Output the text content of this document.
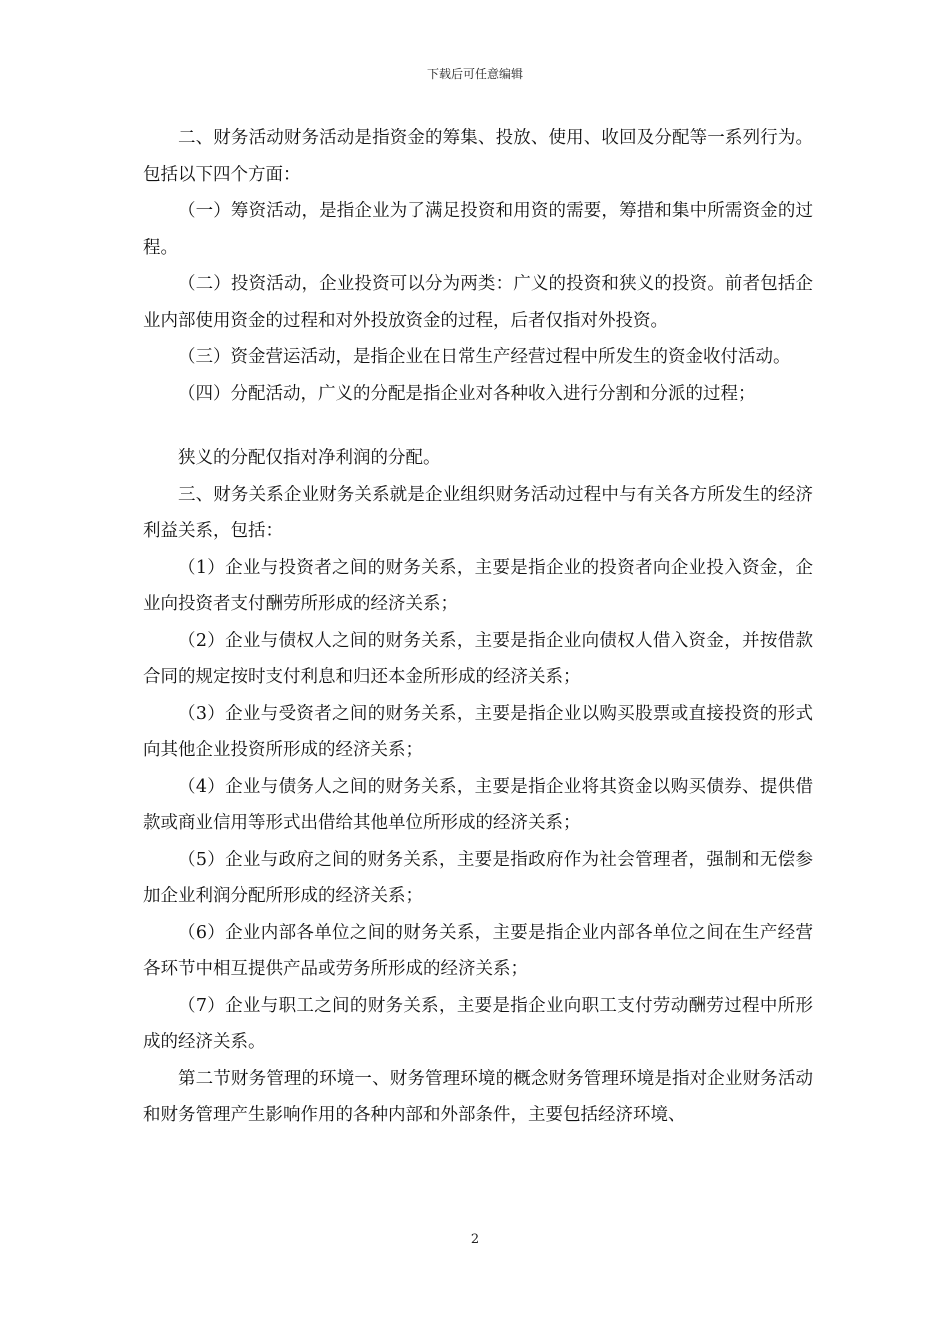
下载后可任意编辑

二、财务活动财务活动是指资金的筹集、投放、使用、收回及分配等一系列行为。包括以下四个方面：

（一）筹资活动，是指企业为了满足投资和用资的需要，筹措和集中所需资金的过程。

（二）投资活动，企业投资可以分为两类：广义的投资和狭义的投资。前者包括企业内部使用资金的过程和对外投放资金的过程，后者仅指对外投资。

（三）资金营运活动，是指企业在日常生产经营过程中所发生的资金收付活动。

（四）分配活动，广义的分配是指企业对各种收入进行分割和分派的过程；

狭义的分配仅指对净利润的分配。

三、财务关系企业财务关系就是企业组织财务活动过程中与有关各方所发生的经济利益关系，包括：

（1）企业与投资者之间的财务关系，主要是指企业的投资者向企业投入资金，企业向投资者支付酬劳所形成的经济关系；

（2）企业与债权人之间的财务关系，主要是指企业向债权人借入资金，并按借款合同的规定按时支付利息和归还本金所形成的经济关系；

（3）企业与受资者之间的财务关系，主要是指企业以购买股票或直接投资的形式向其他企业投资所形成的经济关系；

（4）企业与债务人之间的财务关系，主要是指企业将其资金以购买债券、提供借款或商业信用等形式出借给其他单位所形成的经济关系；

（5）企业与政府之间的财务关系，主要是指政府作为社会管理者，强制和无偿参加企业利润分配所形成的经济关系；

（6）企业内部各单位之间的财务关系，主要是指企业内部各单位之间在生产经营各环节中相互提供产品或劳务所形成的经济关系；

（7）企业与职工之间的财务关系，主要是指企业向职工支付劳动酬劳过程中所形成的经济关系。

第二节财务管理的环境一、财务管理环境的概念财务管理环境是指对企业财务活动和财务管理产生影响作用的各种内部和外部条件，主要包括经济环境、

2
